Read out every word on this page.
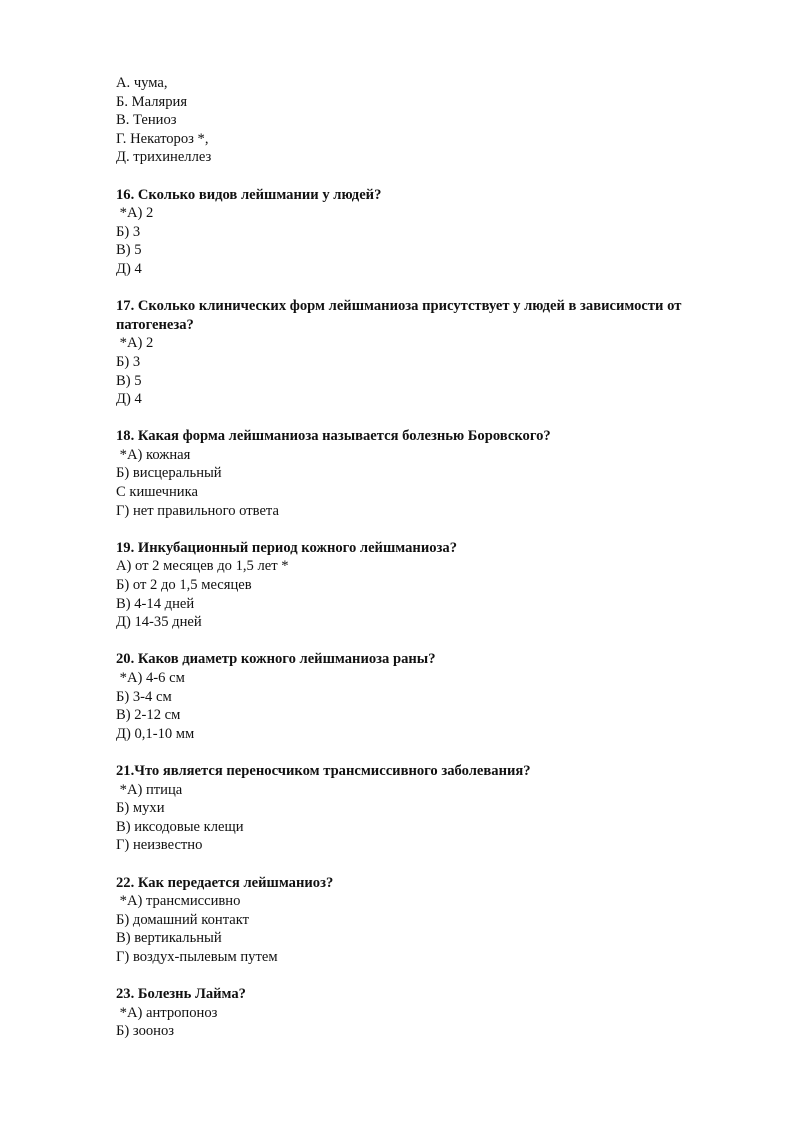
А. чума,

Б. Малярия

В. Тениоз

Г. Некатороз *,

Д. трихинеллез

16. Сколько видов лейшмании у людей?

*А) 2

Б) 3

В) 5

Д) 4

17. Сколько клинических форм лейшманиоза присутствует у людей в зависимости от патогенеза?

*А) 2

Б) 3

В) 5

Д) 4

18. Какая форма лейшманиоза называется болезнью Боровского?

*А) кожная

Б) висцеральный

С кишечника

Г) нет правильного ответа

19. Инкубационный период кожного лейшманиоза?

А) от 2 месяцев до 1,5 лет *

Б) от 2 до 1,5 месяцев

В) 4-14 дней

Д) 14-35 дней

20. Каков диаметр кожного лейшманиоза раны?

*А) 4-6 см

Б) 3-4 см

В) 2-12 см

Д) 0,1-10 мм

21.Что является переносчиком трансмиссивного заболевания?

*А) птица

Б) мухи

В) иксодовые клещи

Г) неизвестно

22. Как передается лейшманиоз?

*А) трансмиссивно

Б) домашний контакт

В) вертикальный

Г) воздух-пылевым путем

23. Болезнь Лайма?

*А) антропоноз

Б) зооноз
